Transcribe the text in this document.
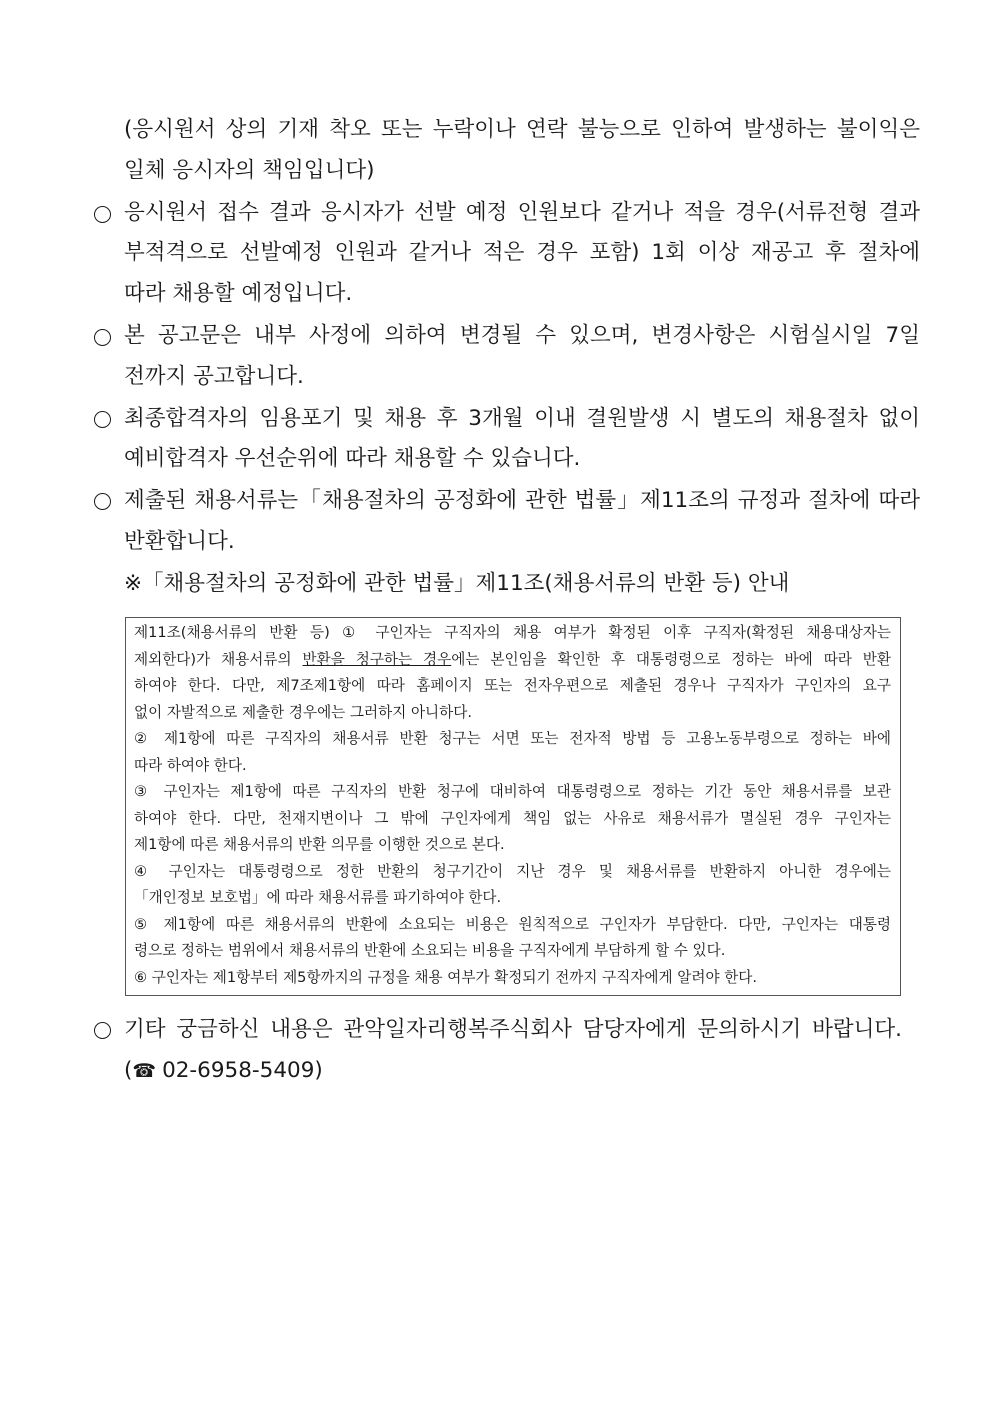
(응시원서 상의 기재 착오 또는 누락이나 연락 불능으로 인하여 발생하는 불이익은
일체 응시자의 책임입니다)
응시원서 접수 결과 응시자가 선발 예정 인원보다 같거나 적을 경우(서류전형 결과
부적격으로 선발예정 인원과 같거나 적은 경우 포함) 1회 이상 재공고 후 절차에
따라 채용할 예정입니다.
본 공고문은 내부 사정에 의하여 변경될 수 있으며, 변경사항은 시험실시일 7일
전까지 공고합니다.
최종합격자의 임용포기 및 채용 후 3개월 이내 결원발생 시 별도의 채용절차 없이
예비합격자 우선순위에 따라 채용할 수 있습니다.
제출된 채용서류는「채용절차의 공정화에 관한 법률」제11조의 규정과 절차에 따라
반환합니다.
※「채용절차의 공정화에 관한 법률」제11조(채용서류의 반환 등) 안내
제11조(채용서류의 반환 등) ① 구인자는 구직자의 채용 여부가 확정된 이후 구직자(확정된 채용대상자는
제외한다)가 채용서류의 반환을 청구하는 경우에는 본인임을 확인한 후 대통령령으로 정하는 바에 따라 반환
하여야 한다. 다만, 제7조제1항에 따라 홈페이지 또는 전자우편으로 제출된 경우나 구직자가 구인자의 요구
없이 자발적으로 제출한 경우에는 그러하지 아니하다.
② 제1항에 따른 구직자의 채용서류 반환 청구는 서면 또는 전자적 방법 등 고용노동부령으로 정하는 바에
따라 하여야 한다.
③ 구인자는 제1항에 따른 구직자의 반환 청구에 대비하여 대통령령으로 정하는 기간 동안 채용서류를 보관
하여야 한다. 다만, 천재지변이나 그 밖에 구인자에게 책임 없는 사유로 채용서류가 멸실된 경우 구인자는
제1항에 따른 채용서류의 반환 의무를 이행한 것으로 본다.
④ 구인자는 대통령령으로 정한 반환의 청구기간이 지난 경우 및 채용서류를 반환하지 아니한 경우에는
「개인정보 보호법」에 따라 채용서류를 파기하여야 한다.
⑤ 제1항에 따른 채용서류의 반환에 소요되는 비용은 원칙적으로 구인자가 부담한다. 다만, 구인자는 대통령
령으로 정하는 범위에서 채용서류의 반환에 소요되는 비용을 구직자에게 부담하게 할 수 있다.
⑥ 구인자는 제1항부터 제5항까지의 규정을 채용 여부가 확정되기 전까지 구직자에게 알려야 한다.
기타 궁금하신 내용은 관악일자리행복주식회사 담당자에게 문의하시기 바랍니다.
(☎ 02-6958-5409)
